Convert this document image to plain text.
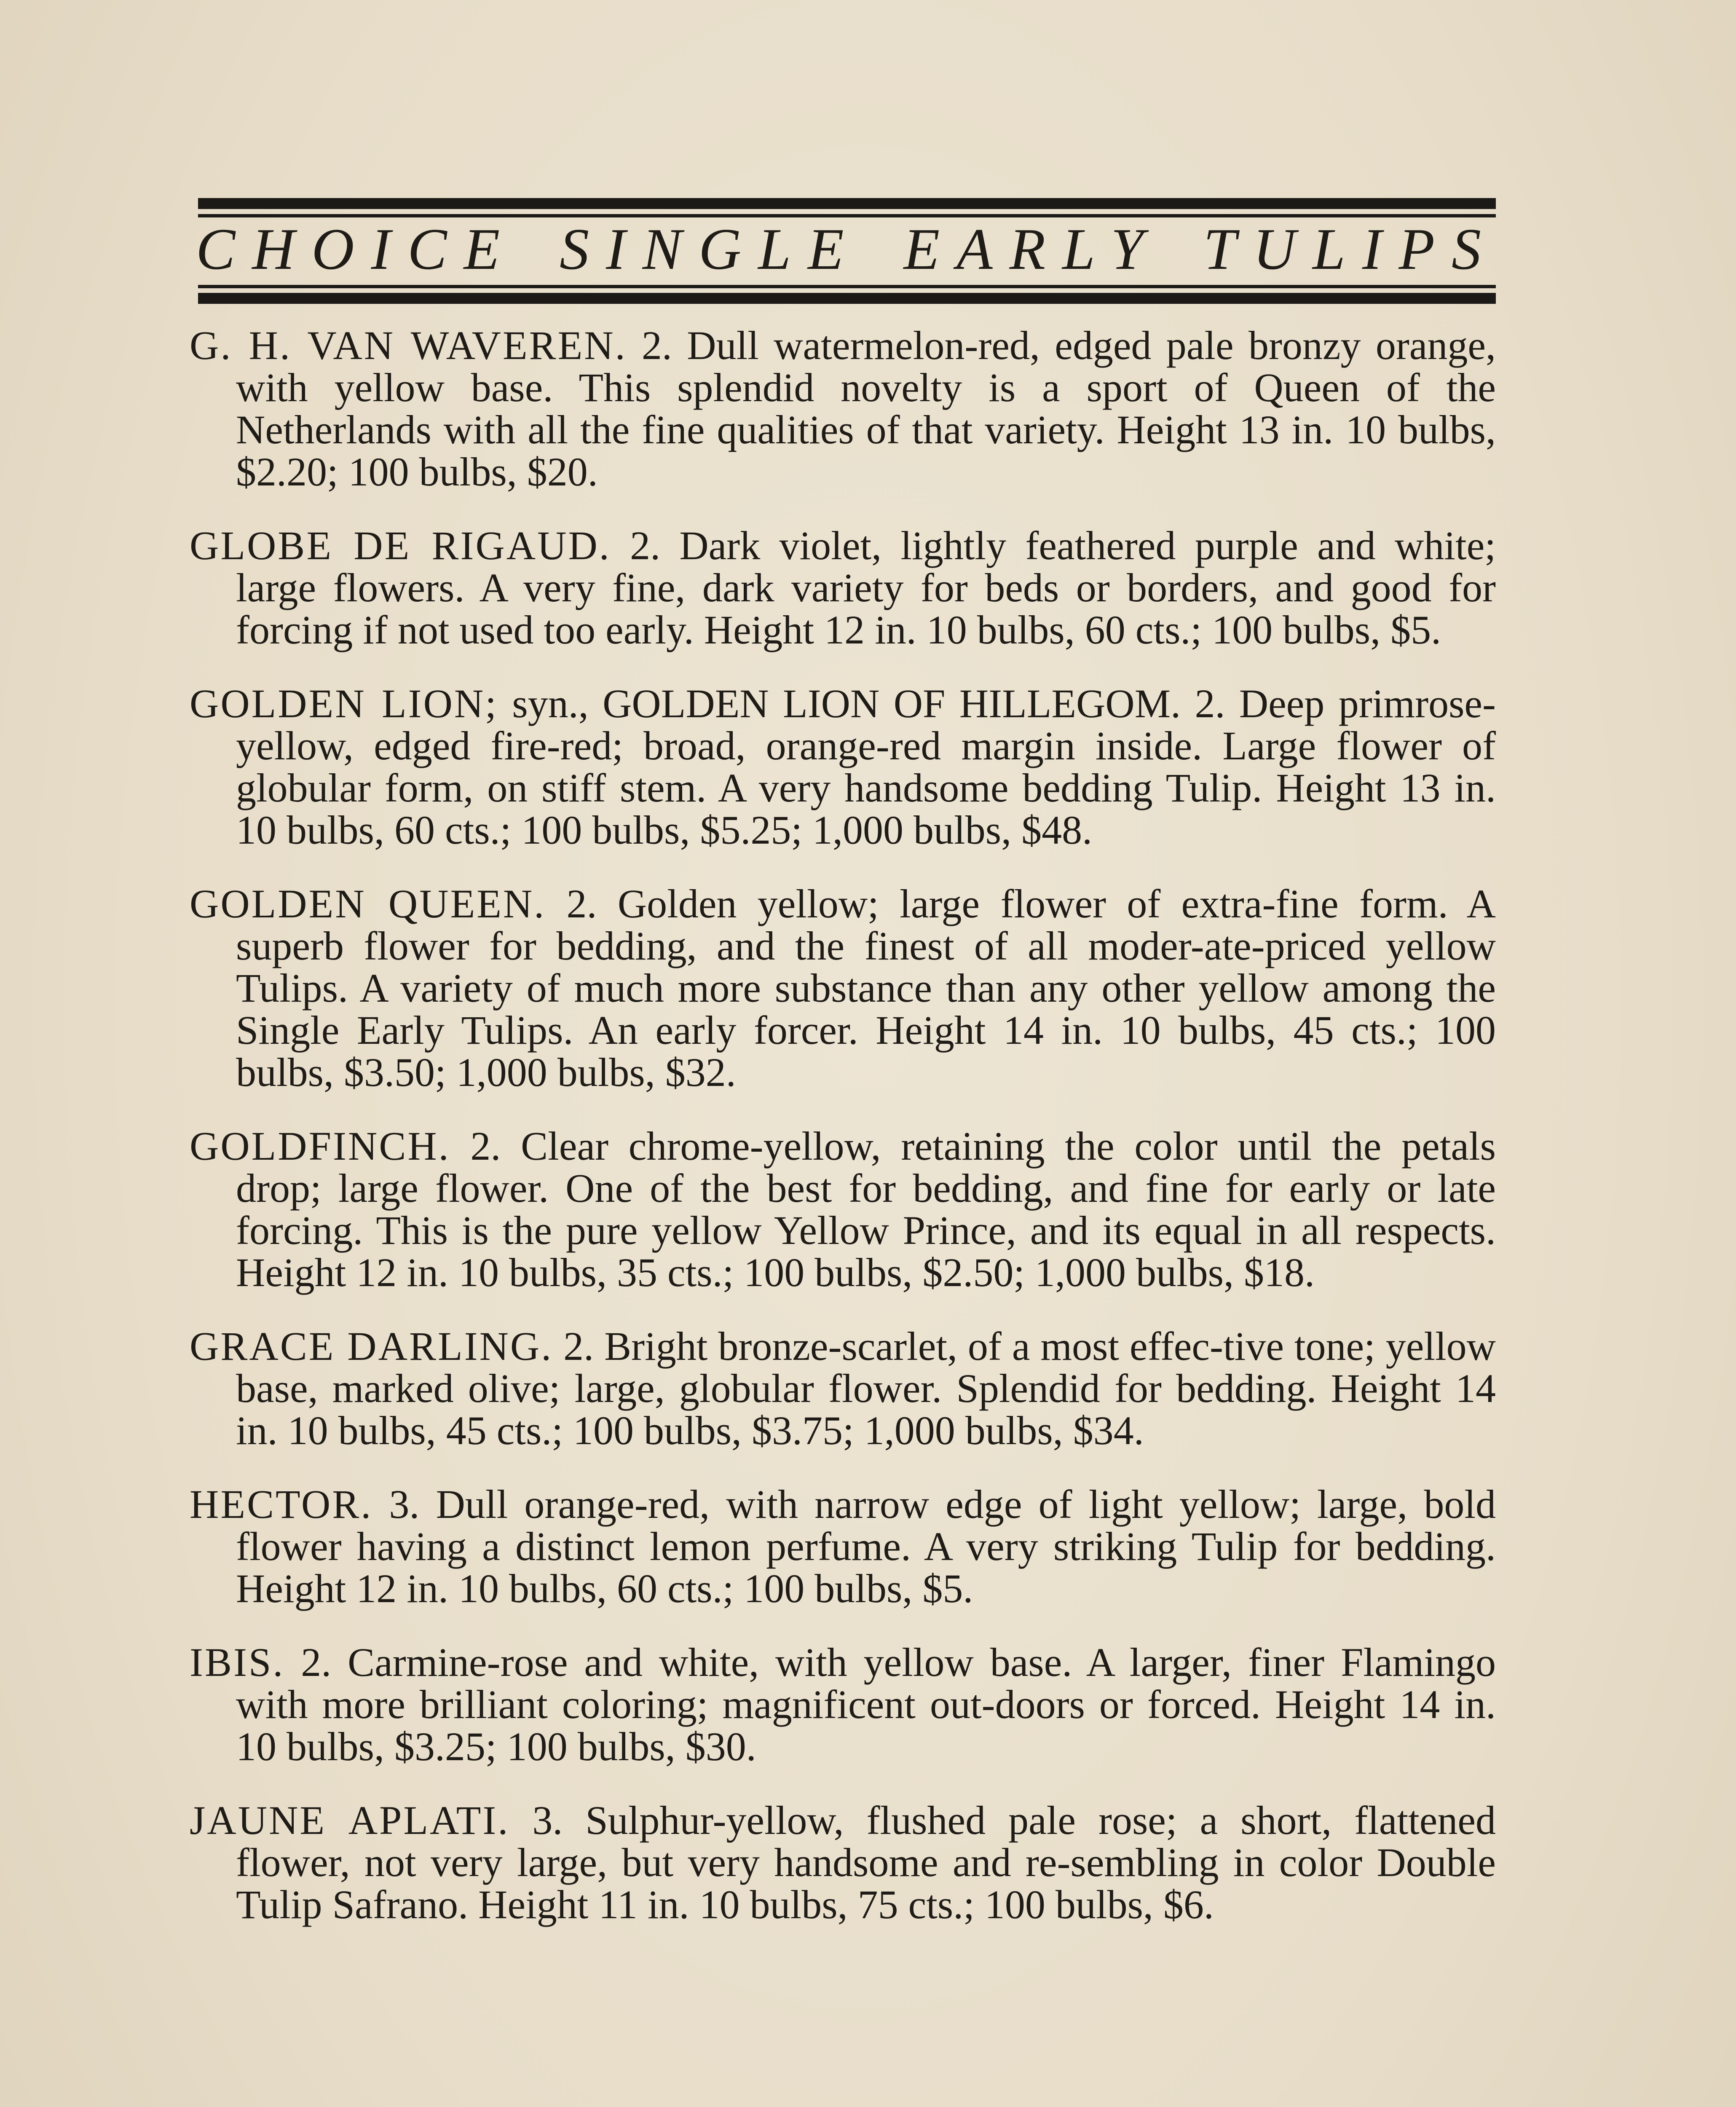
CHOICE SINGLE EARLY TULIPS

G. H. VAN WAVEREN. 2. Dull watermelon-red, edged pale bronzy orange, with yellow base. This splendid novelty is a sport of Queen of the Netherlands with all the fine qualities of that variety. Height 13 in. 10 bulbs, $2.20; 100 bulbs, $20.

GLOBE DE RIGAUD. 2. Dark violet, lightly feathered purple and white; large flowers. A very fine, dark variety for beds or borders, and good for forcing if not used too early. Height 12 in. 10 bulbs, 60 cts.; 100 bulbs, $5.

GOLDEN LION; syn., GOLDEN LION OF HILLEGOM. 2. Deep primrose-yellow, edged fire-red; broad, orange-red margin inside. Large flower of globular form, on stiff stem. A very handsome bedding Tulip. Height 13 in. 10 bulbs, 60 cts.; 100 bulbs, $5.25; 1,000 bulbs, $48.

GOLDEN QUEEN. 2. Golden yellow; large flower of extra-fine form. A superb flower for bedding, and the finest of all moder-ate-priced yellow Tulips. A variety of much more substance than any other yellow among the Single Early Tulips. An early forcer. Height 14 in. 10 bulbs, 45 cts.; 100 bulbs, $3.50; 1,000 bulbs, $32.

GOLDFINCH. 2. Clear chrome-yellow, retaining the color until the petals drop; large flower. One of the best for bedding, and fine for early or late forcing. This is the pure yellow Yellow Prince, and its equal in all respects. Height 12 in. 10 bulbs, 35 cts.; 100 bulbs, $2.50; 1,000 bulbs, $18.

GRACE DARLING. 2. Bright bronze-scarlet, of a most effec-tive tone; yellow base, marked olive; large, globular flower. Splendid for bedding. Height 14 in. 10 bulbs, 45 cts.; 100 bulbs, $3.75; 1,000 bulbs, $34.

HECTOR. 3. Dull orange-red, with narrow edge of light yellow; large, bold flower having a distinct lemon perfume. A very striking Tulip for bedding. Height 12 in. 10 bulbs, 60 cts.; 100 bulbs, $5.

IBIS. 2. Carmine-rose and white, with yellow base. A larger, finer Flamingo with more brilliant coloring; magnificent out-doors or forced. Height 14 in. 10 bulbs, $3.25; 100 bulbs, $30.

JAUNE APLATI. 3. Sulphur-yellow, flushed pale rose; a short, flattened flower, not very large, but very handsome and re-sembling in color Double Tulip Safrano. Height 11 in. 10 bulbs, 75 cts.; 100 bulbs, $6.
